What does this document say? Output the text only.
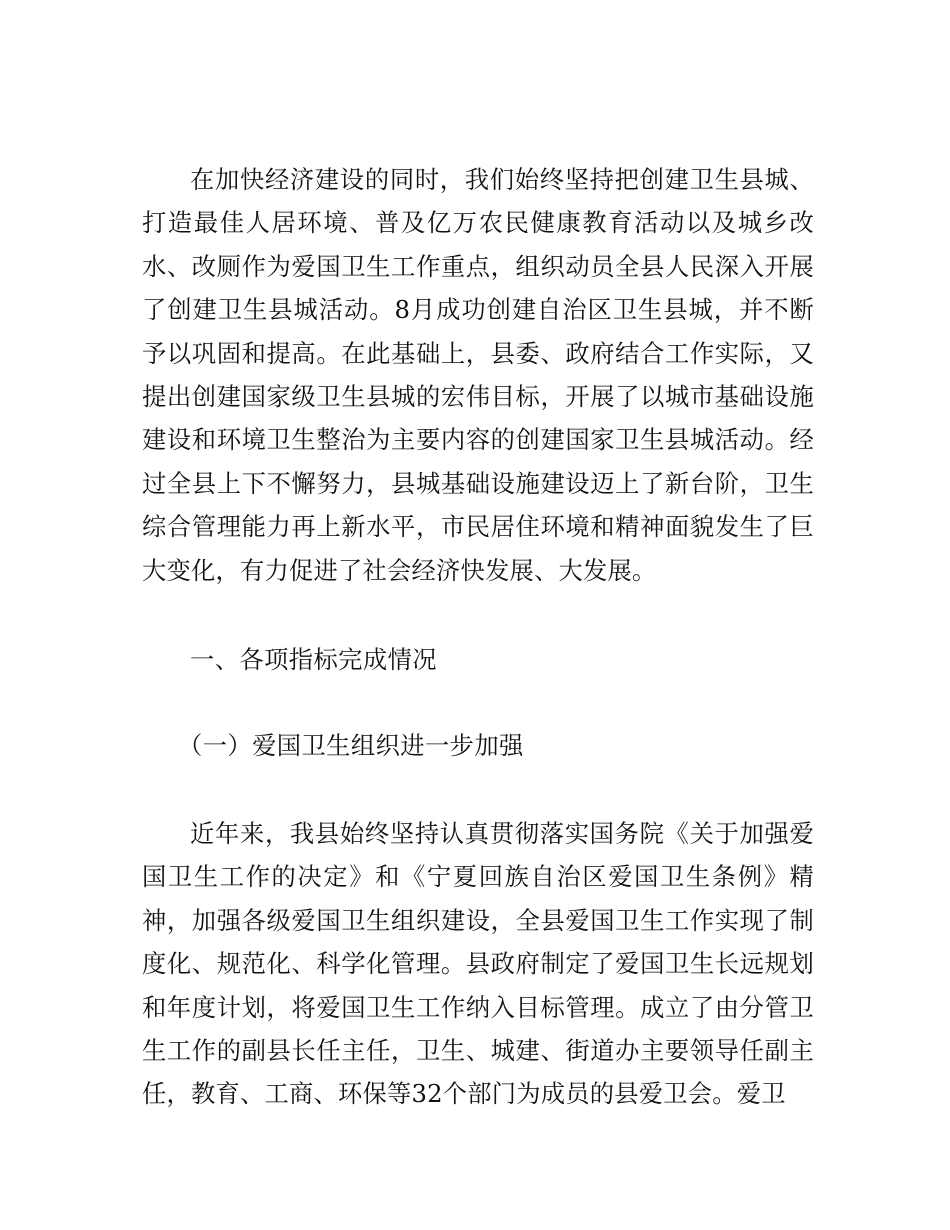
在加快经济建设的同时，我们始终坚持把创建卫生县城、打造最佳人居环境、普及亿万农民健康教育活动以及城乡改水、改厕作为爱国卫生工作重点，组织动员全县人民深入开展了创建卫生县城活动。8月成功创建自治区卫生县城，并不断予以巩固和提高。在此基础上，县委、政府结合工作实际，又提出创建国家级卫生县城的宏伟目标，开展了以城市基础设施建设和环境卫生整治为主要内容的创建国家卫生县城活动。经过全县上下不懈努力，县城基础设施建设迈上了新台阶，卫生综合管理能力再上新水平，市民居住环境和精神面貌发生了巨大变化，有力促进了社会经济快发展、大发展。

一、各项指标完成情况

（一）爱国卫生组织进一步加强

近年来，我县始终坚持认真贯彻落实国务院《关于加强爱国卫生工作的决定》和《宁夏回族自治区爱国卫生条例》精神，加强各级爱国卫生组织建设，全县爱国卫生工作实现了制度化、规范化、科学化管理。县政府制定了爱国卫生长远规划和年度计划，将爱国卫生工作纳入目标管理。成立了由分管卫生工作的副县长任主任，卫生、城建、街道办主要领导任副主任，教育、工商、环保等32个部门为成员的县爱卫会。爱卫
